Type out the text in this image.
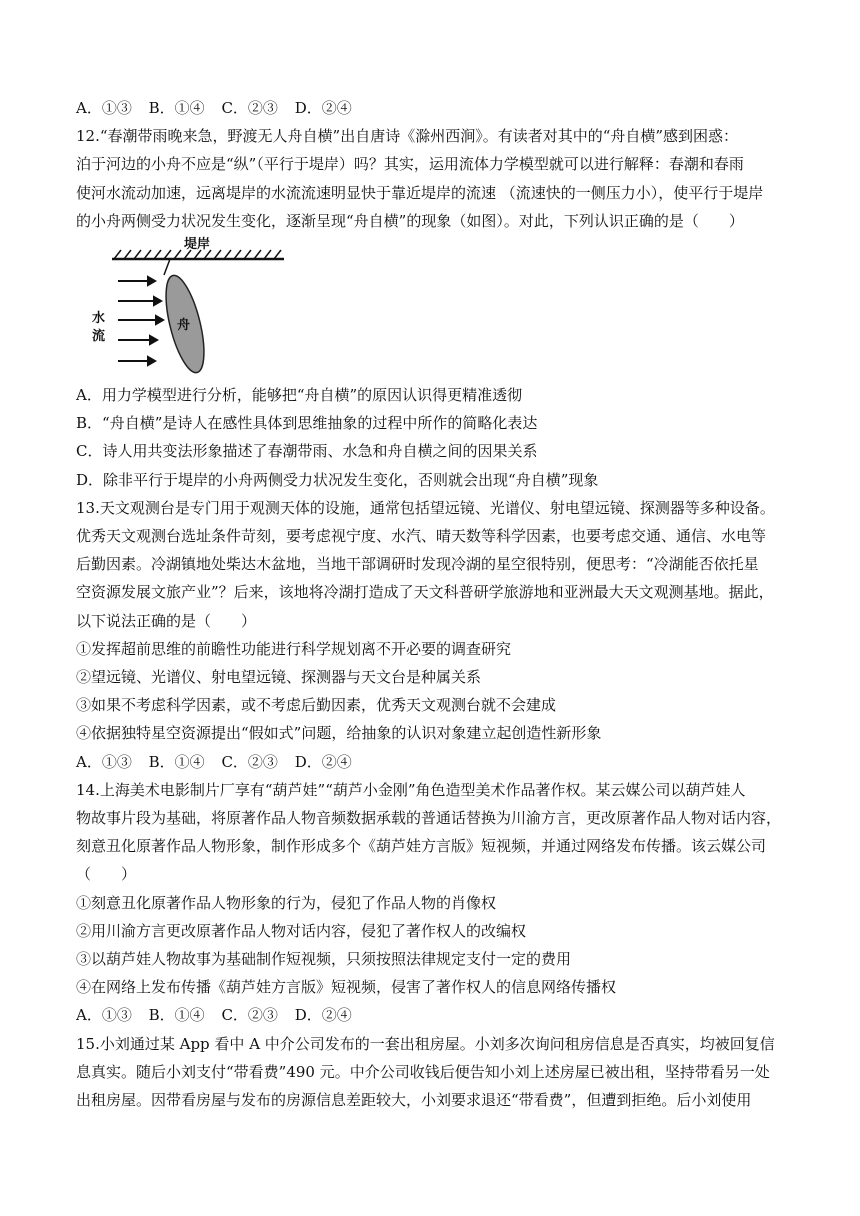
A．①③ B．①④ C．②③ D．②④
12.“春潮带雨晚来急，野渡无人舟自横”出自唐诗《滁州西涧》。有读者对其中的“舟自横”感到困惑：
泊于河边的小舟不应是“纵”（平行于堤岸）吗？其实，运用流体力学模型就可以进行解释：春潮和春雨
使河水流动加速，远离堤岸的水流流速明显快于靠近堤岸的流速 （流速快的一侧压力小），使平行于堤岸
的小舟两侧受力状况发生变化，逐渐呈现“舟自横”的现象（如图）。对此，下列认识正确的是（　　）
堤岸
舟
水
流
A．用力学模型进行分析，能够把“舟自横”的原因认识得更精准透彻
B．“舟自横”是诗人在感性具体到思维抽象的过程中所作的简略化表达
C．诗人用共变法形象描述了春潮带雨、水急和舟自横之间的因果关系
D．除非平行于堤岸的小舟两侧受力状况发生变化，否则就会出现“舟自横”现象
13.天文观测台是专门用于观测天体的设施，通常包括望远镜、光谱仪、射电望远镜、探测器等多种设备。
优秀天文观测台选址条件苛刻，要考虑视宁度、水汽、晴天数等科学因素，也要考虑交通、通信、水电等
后勤因素。冷湖镇地处柴达木盆地，当地干部调研时发现冷湖的星空很特别，便思考：“冷湖能否依托星
空资源发展文旅产业”？后来，该地将冷湖打造成了天文科普研学旅游地和亚洲最大天文观测基地。据此，
以下说法正确的是（　　）
①发挥超前思维的前瞻性功能进行科学规划离不开必要的调查研究
②望远镜、光谱仪、射电望远镜、探测器与天文台是种属关系
③如果不考虑科学因素，或不考虑后勤因素，优秀天文观测台就不会建成
④依据独特星空资源提出“假如式”问题，给抽象的认识对象建立起创造性新形象
A．①③ B．①④ C．②③ D．②④
14.上海美术电影制片厂享有“葫芦娃”“葫芦小金刚”角色造型美术作品著作权。某云媒公司以葫芦娃人
物故事片段为基础，将原著作品人物音频数据承载的普通话替换为川渝方言，更改原著作品人物对话内容，
刻意丑化原著作品人物形象，制作形成多个《葫芦娃方言版》短视频，并通过网络发布传播。该云媒公司
（　　）
①刻意丑化原著作品人物形象的行为，侵犯了作品人物的肖像权
②用川渝方言更改原著作品人物对话内容，侵犯了著作权人的改编权
③以葫芦娃人物故事为基础制作短视频，只须按照法律规定支付一定的费用
④在网络上发布传播《葫芦娃方言版》短视频，侵害了著作权人的信息网络传播权
A．①③ B．①④ C．②③ D．②④
15.小刘通过某 App 看中 A 中介公司发布的一套出租房屋。小刘多次询问租房信息是否真实，均被回复信
息真实。随后小刘支付“带看费”490 元。中介公司收钱后便告知小刘上述房屋已被出租，坚持带看另一处
出租房屋。因带看房屋与发布的房源信息差距较大，小刘要求退还“带看费”，但遭到拒绝。后小刘使用
